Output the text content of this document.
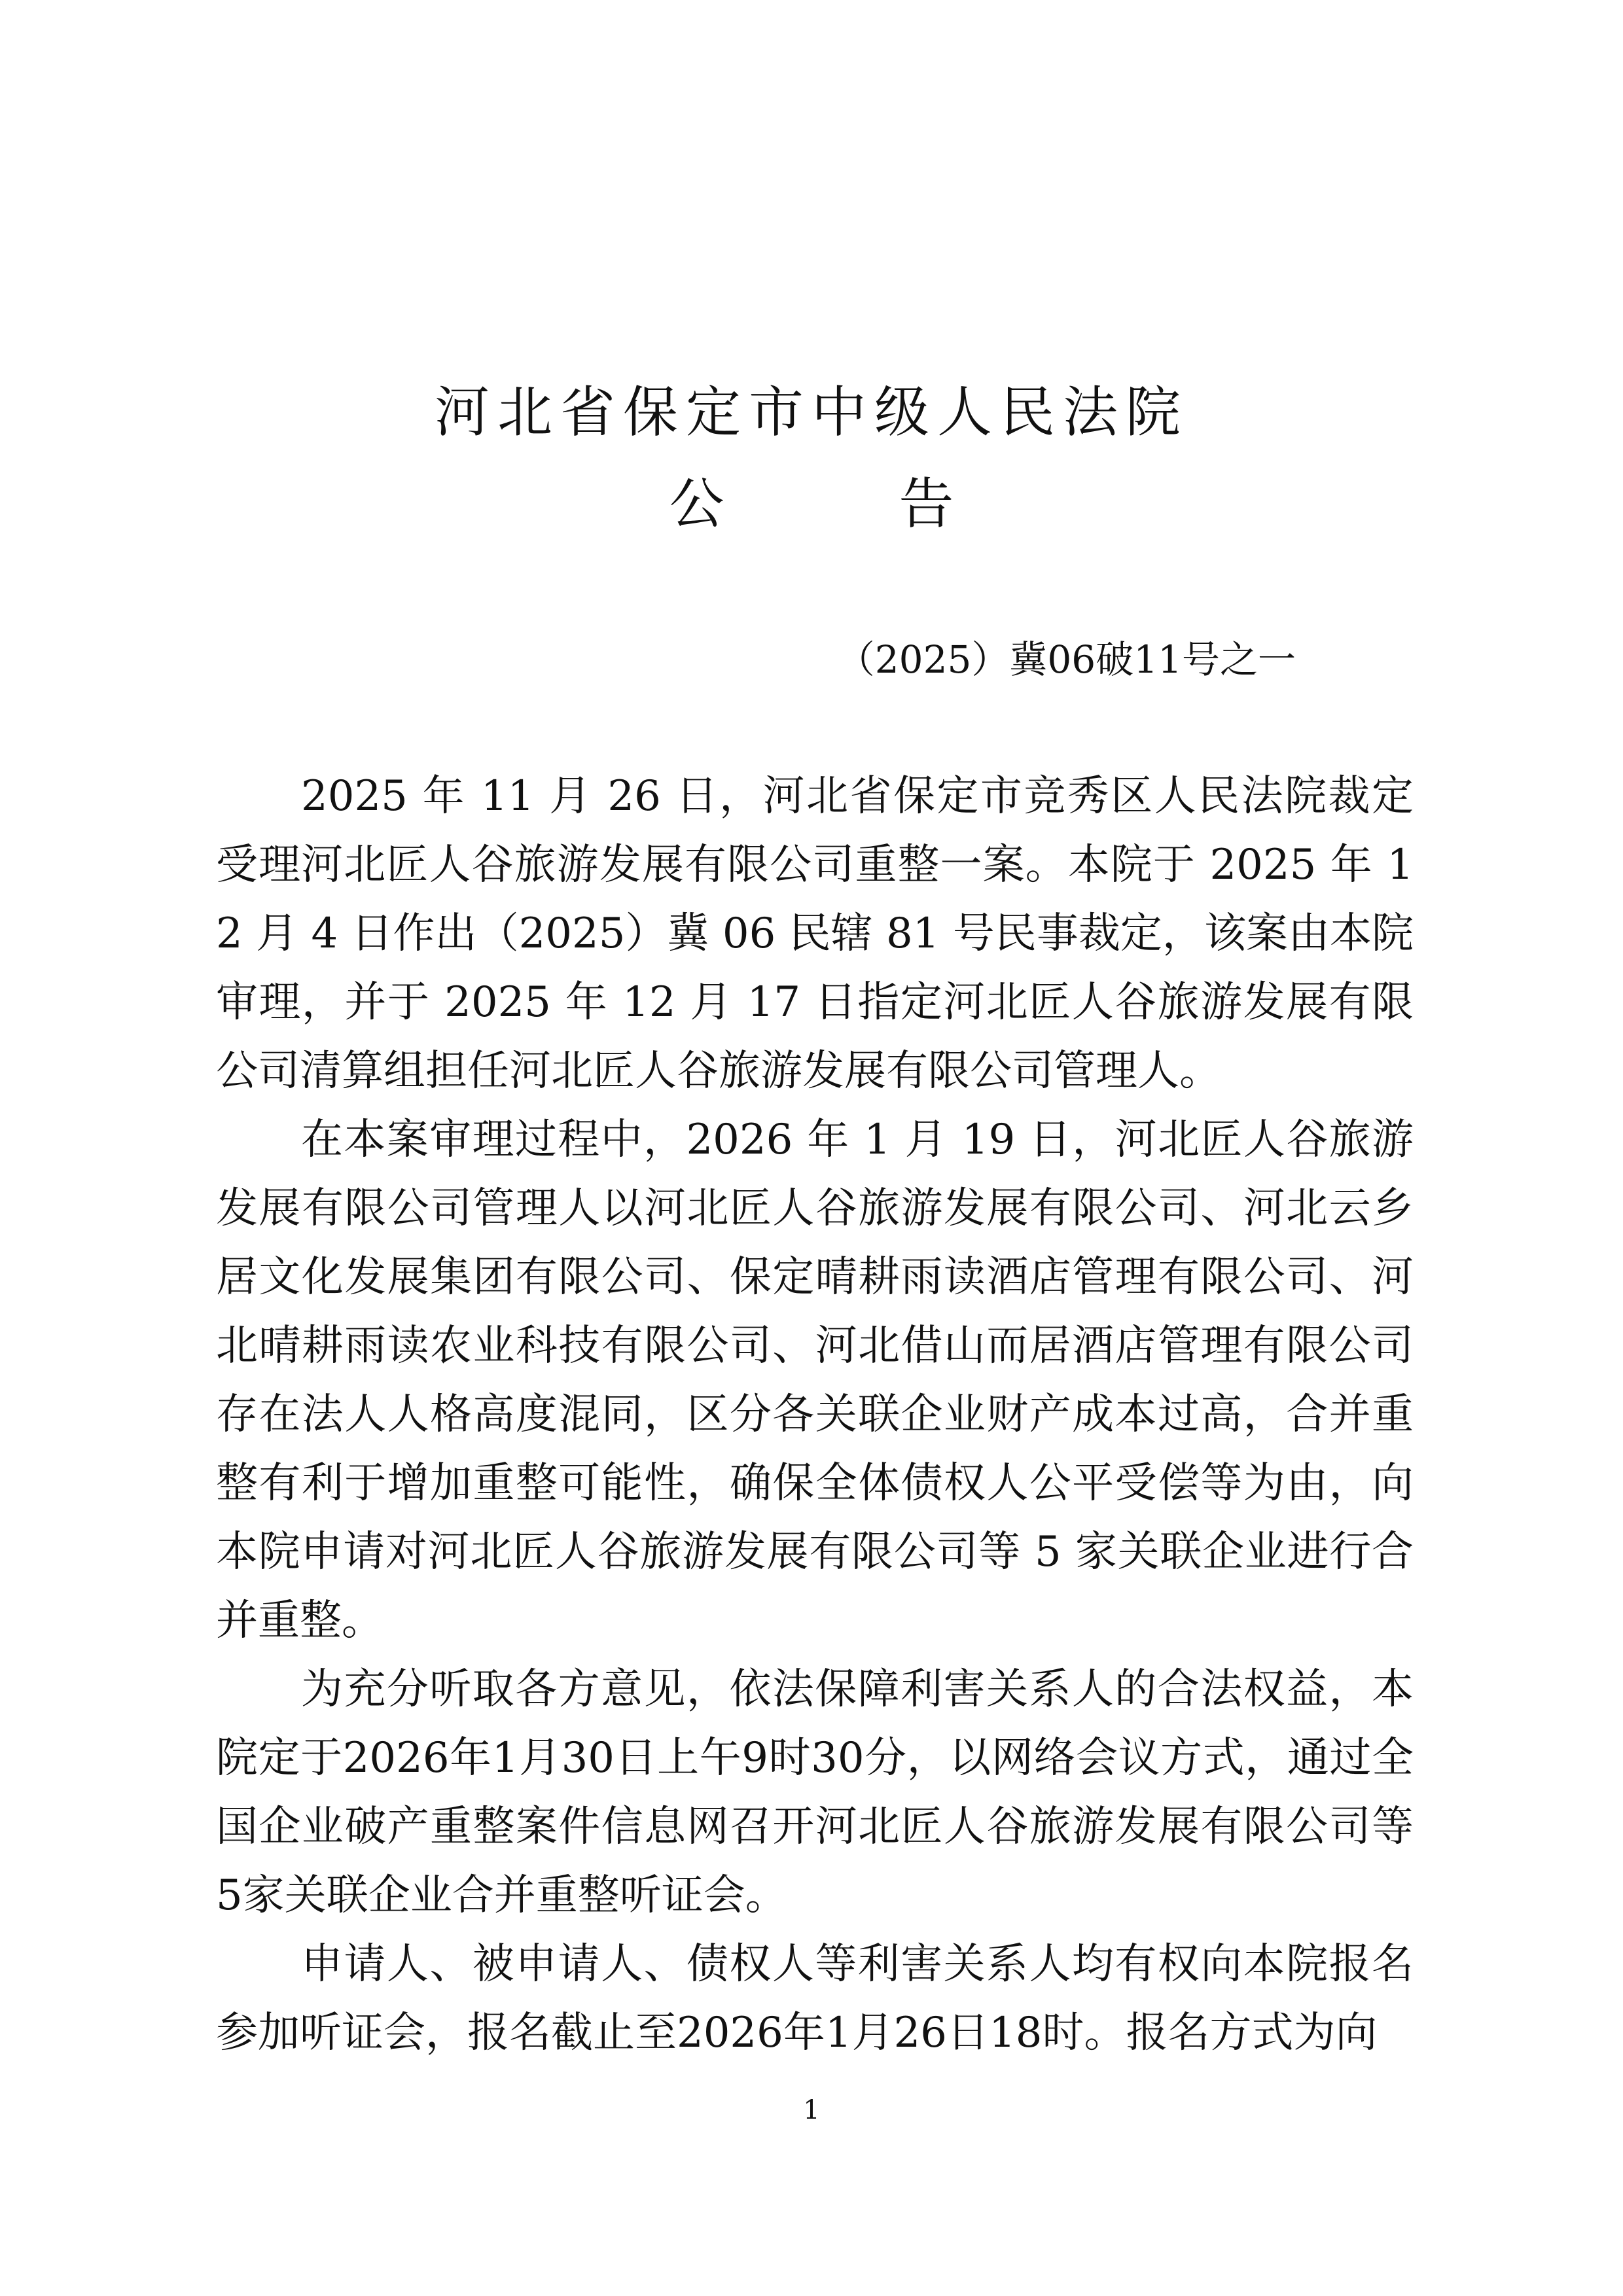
河北省保定市中级人民法院
公 告
（2025）冀06破11号之一

2025 年 11 月 26 日，河北省保定市竞秀区人民法院裁定受理河北匠人谷旅游发展有限公司重整一案。本院于 2025 年 12 月 4 日作出（2025）冀 06 民辖 81 号民事裁定，该案由本院审理，并于 2025 年 12 月 17 日指定河北匠人谷旅游发展有限公司清算组担任河北匠人谷旅游发展有限公司管理人。

在本案审理过程中，2026 年 1 月 19 日，河北匠人谷旅游发展有限公司管理人以河北匠人谷旅游发展有限公司、河北云乡居文化发展集团有限公司、保定晴耕雨读酒店管理有限公司、河北晴耕雨读农业科技有限公司、河北借山而居酒店管理有限公司存在法人人格高度混同，区分各关联企业财产成本过高，合并重整有利于增加重整可能性，确保全体债权人公平受偿等为由，向本院申请对河北匠人谷旅游发展有限公司等 5 家关联企业进行合并重整。

为充分听取各方意见，依法保障利害关系人的合法权益，本院定于2026年1月30日上午9时30分，以网络会议方式，通过全国企业破产重整案件信息网召开河北匠人谷旅游发展有限公司等5家关联企业合并重整听证会。

申请人、被申请人、债权人等利害关系人均有权向本院报名参加听证会，报名截止至2026年1月26日18时。报名方式为向

1
